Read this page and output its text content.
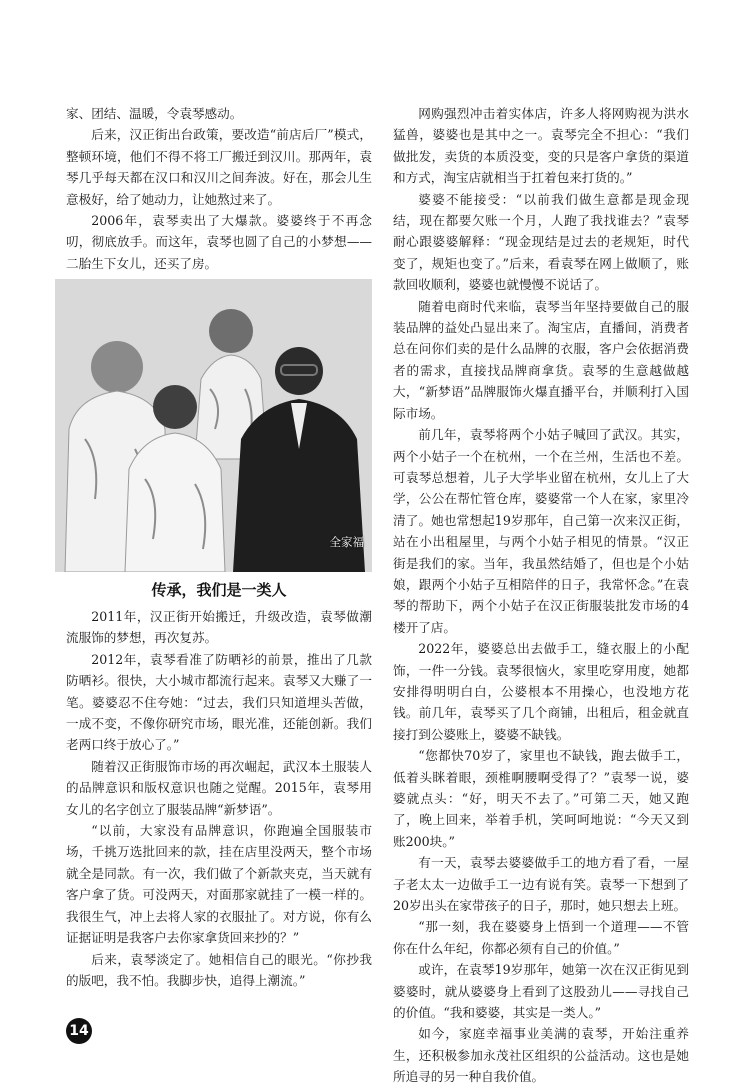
家、团结、温暖，令袁琴感动。

后来，汉正街出台政策，要改造“前店后厂”模式，整顿环境，他们不得不将工厂搬迁到汉川。那两年，袁琴几乎每天都在汉口和汉川之间奔波。好在，那会儿生意极好，给了她动力，让她熬过来了。

2006年，袁琴卖出了大爆款。婆婆终于不再念叨，彻底放手。而这年，袁琴也圆了自己的小梦想——二胎生下女儿，还买了房。

全家福
传承，我们是一类人

2011年，汉正街开始搬迁，升级改造，袁琴做潮流服饰的梦想，再次复苏。

2012年，袁琴看准了防晒衫的前景，推出了几款防晒衫。很快，大小城市都流行起来。袁琴又大赚了一笔。婆婆忍不住夸她：“过去，我们只知道埋头苦做，一成不变，不像你研究市场，眼光准，还能创新。我们老两口终于放心了。”

随着汉正街服饰市场的再次崛起，武汉本土服装人的品牌意识和版权意识也随之觉醒。2015年，袁琴用女儿的名字创立了服装品牌“新梦语”。

“以前，大家没有品牌意识，你跑遍全国服装市场，千挑万选批回来的款，挂在店里没两天，整个市场就全是同款。有一次，我们做了个新款夹克，当天就有客户拿了货。可没两天，对面那家就挂了一模一样的。我很生气，冲上去将人家的衣服扯了。对方说，你有么证据证明是我客户去你家拿货回来抄的？”

后来，袁琴淡定了。她相信自己的眼光。“你抄我的版吧，我不怕。我脚步快，追得上潮流。”

网购强烈冲击着实体店，许多人将网购视为洪水猛兽，婆婆也是其中之一。袁琴完全不担心：“我们做批发，卖货的本质没变，变的只是客户拿货的渠道和方式，淘宝店就相当于扛着包来打货的。”

婆婆不能接受：“以前我们做生意都是现金现结，现在都要欠账一个月，人跑了我找谁去？”袁琴耐心跟婆婆解释：“现金现结是过去的老规矩，时代变了，规矩也变了。”后来，看袁琴在网上做顺了，账款回收顺利，婆婆也就慢慢不说话了。

随着电商时代来临，袁琴当年坚持要做自己的服装品牌的益处凸显出来了。淘宝店，直播间，消费者总在问你们卖的是什么品牌的衣服，客户会依据消费者的需求，直接找品牌商拿货。袁琴的生意越做越大，“新梦语”品牌服饰火爆直播平台，并顺利打入国际市场。

前几年，袁琴将两个小姑子喊回了武汉。其实，两个小姑子一个在杭州，一个在兰州，生活也不差。可袁琴总想着，儿子大学毕业留在杭州，女儿上了大学，公公在帮忙管仓库，婆婆常一个人在家，家里冷清了。她也常想起19岁那年，自己第一次来汉正街，站在小出租屋里，与两个小姑子相见的情景。“汉正街是我们的家。当年，我虽然结婚了，但也是个小姑娘，跟两个小姑子互相陪伴的日子，我常怀念。”在袁琴的帮助下，两个小姑子在汉正街服装批发市场的4楼开了店。

2022年，婆婆总出去做手工，缝衣服上的小配饰，一件一分钱。袁琴很恼火，家里吃穿用度，她都安排得明明白白，公婆根本不用操心，也没地方花钱。前几年，袁琴买了几个商铺，出租后，租金就直接打到公婆账上，婆婆不缺钱。

“您都快70岁了，家里也不缺钱，跑去做手工，低着头眯着眼，颈椎啊腰啊受得了？”袁琴一说，婆婆就点头：“好，明天不去了。”可第二天，她又跑了，晚上回来，举着手机，笑呵呵地说：“今天又到账200块。”

有一天，袁琴去婆婆做手工的地方看了看，一屋子老太太一边做手工一边有说有笑。袁琴一下想到了20岁出头在家带孩子的日子，那时，她只想去上班。

“那一刻，我在婆婆身上悟到一个道理——不管你在什么年纪，你都必须有自己的价值。”

或许，在袁琴19岁那年，她第一次在汉正街见到婆婆时，就从婆婆身上看到了这股劲儿——寻找自己的价值。“我和婆婆，其实是一类人。”

如今，家庭幸福事业美满的袁琴，开始注重养生，还积极参加永茂社区组织的公益活动。这也是她所追寻的另一种自我价值。

14
